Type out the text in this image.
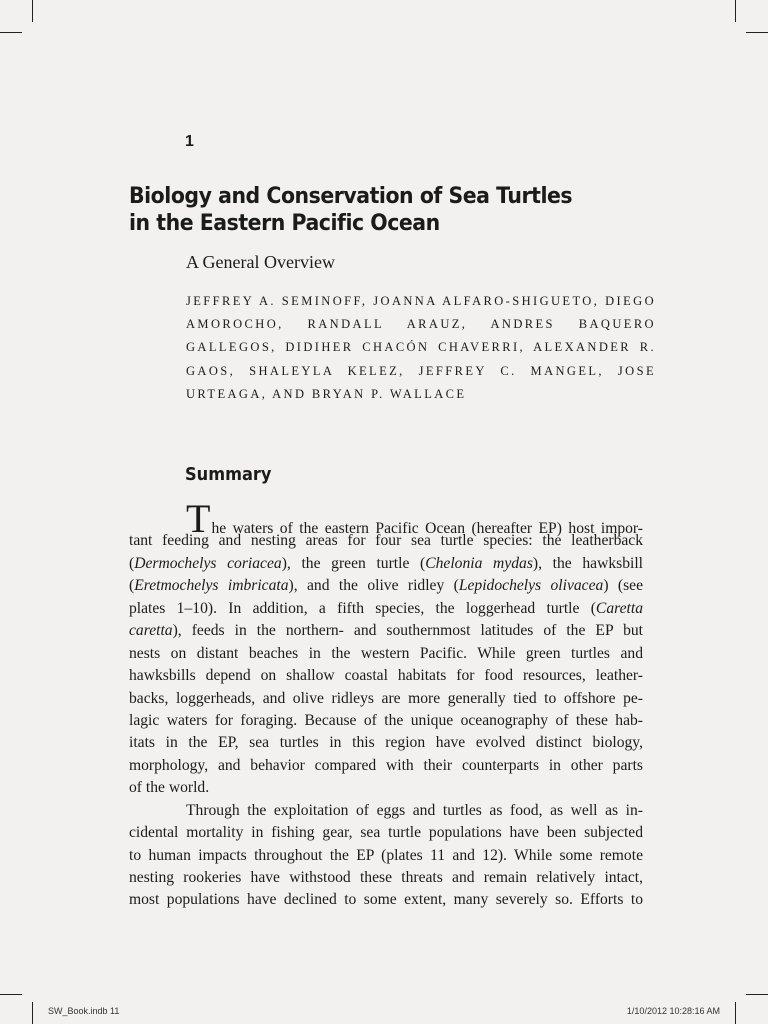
1
Biology and Conservation of Sea Turtles
in the Eastern Pacific Ocean
A General Overview
JEFFREY A. SEMINOFF, JOANNA ALFARO-SHIGUETO, DIEGO AMOROCHO, RANDALL ARAUZ, ANDRES BAQUERO GALLEGOS, DIDIHER CHACÓN CHAVERRI, ALEXANDER R. GAOS, SHALEYLA KELEZ, JEFFREY C. MANGEL, JOSE URTEAGA, AND BRYAN P. WALLACE
Summary
The waters of the eastern Pacific Ocean (hereafter EP) host impor-
tant feeding and nesting areas for four sea turtle species: the leatherback
(Dermochelys coriacea), the green turtle (Chelonia mydas), the hawksbill
(Eretmochelys imbricata), and the olive ridley (Lepidochelys olivacea) (see
plates 1–10). In addition, a fifth species, the loggerhead turtle (Caretta
caretta), feeds in the northern- and southernmost latitudes of the EP but
nests on distant beaches in the western Pacific. While green turtles and
hawksbills depend on shallow coastal habitats for food resources, leather-
backs, loggerheads, and olive ridleys are more generally tied to offshore pe-
lagic waters for foraging. Because of the unique oceanography of these hab-
itats in the EP, sea turtles in this region have evolved distinct biology,
morphology, and behavior compared with their counterparts in other parts
of the world.
Through the exploitation of eggs and turtles as food, as well as in-
cidental mortality in fishing gear, sea turtle populations have been subjected
to human impacts throughout the EP (plates 11 and 12). While some remote
nesting rookeries have withstood these threats and remain relatively intact,
most populations have declined to some extent, many severely so. Efforts to
SW_Book.indb 11	1/10/2012 10:28:16 AM
